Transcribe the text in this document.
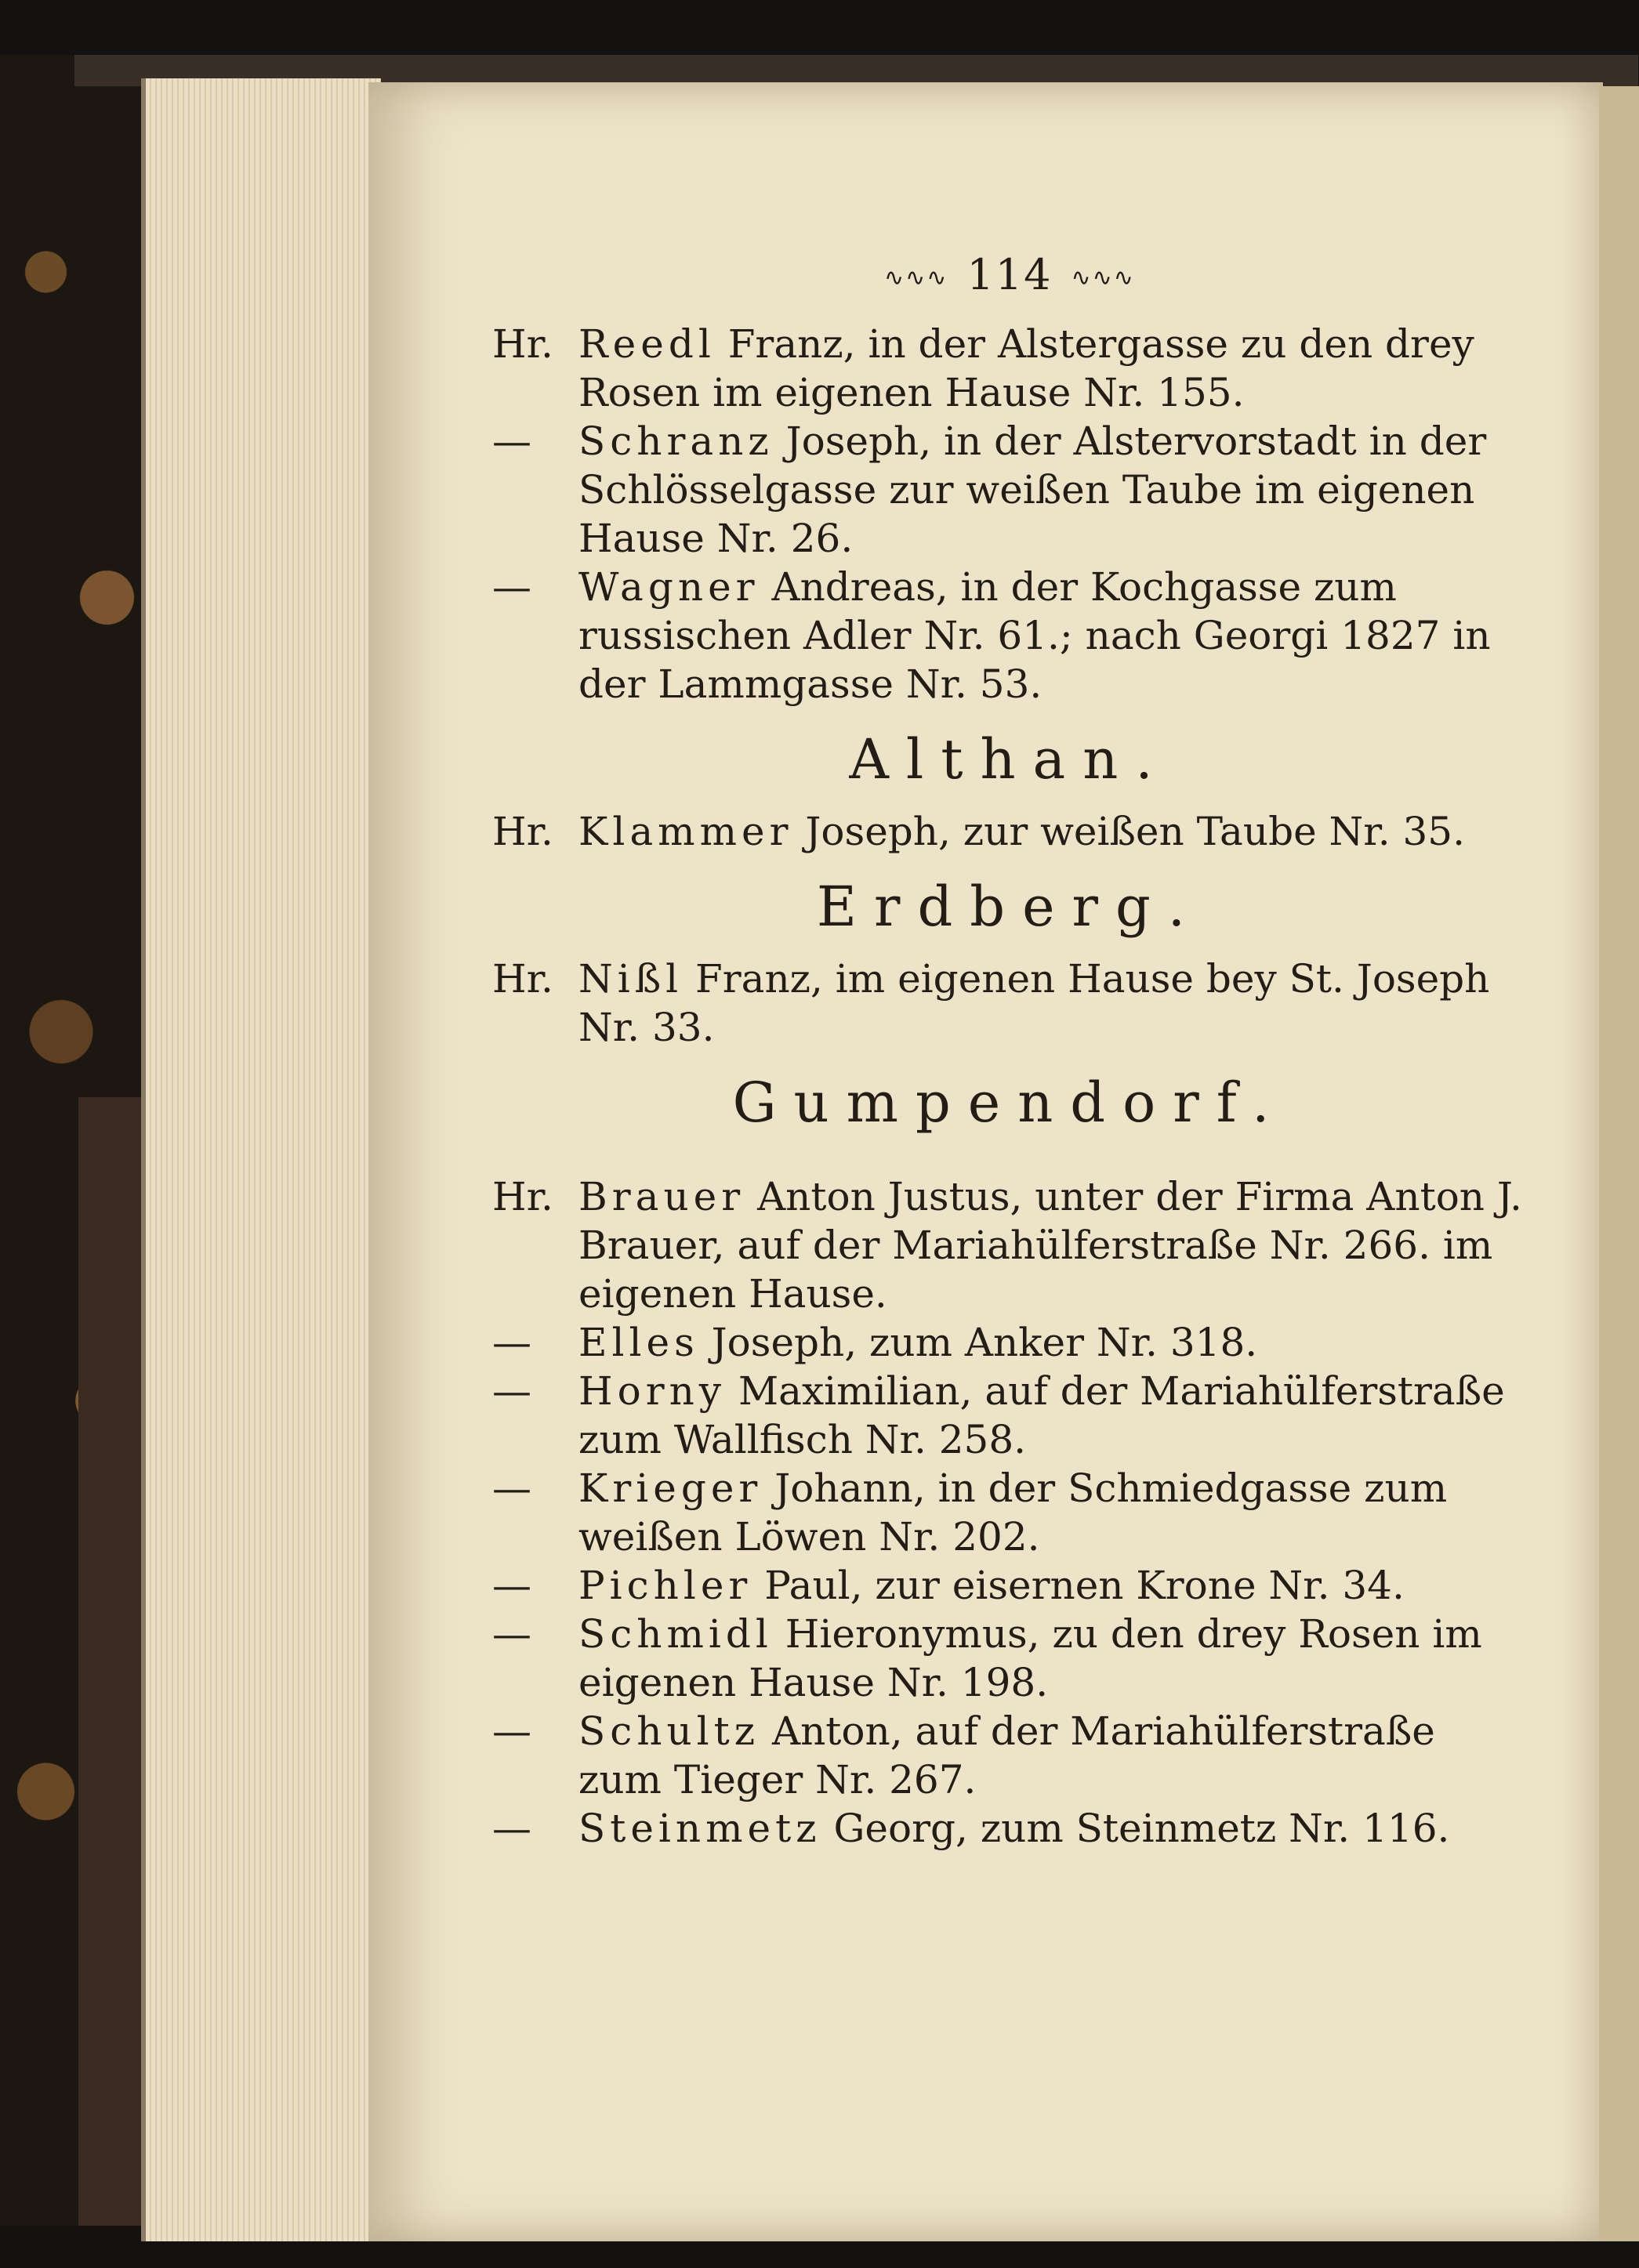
∿∿∿ 114 ∿∿∿

Hr. Reedl Franz, in der Alstergasse zu den drey Rosen im eigenen Hause Nr. 155.

— Schranz Joseph, in der Alstervorstadt in der Schlösselgasse zur weißen Taube im eigenen Hause Nr. 26.

— Wagner Andreas, in der Kochgasse zum russischen Adler Nr. 61.; nach Georgi 1827 in der Lammgasse Nr. 53.

Althan.

Hr. Klammer Joseph, zur weißen Taube Nr. 35.

Erdberg.

Hr. Nißl Franz, im eigenen Hause bey St. Joseph Nr. 33.

Gumpendorf.

Hr. Brauer Anton Justus, unter der Firma Anton J. Brauer, auf der Mariahülferstraße Nr. 266. im eigenen Hause.

— Elles Joseph, zum Anker Nr. 318.

— Horny Maximilian, auf der Mariahülferstraße zum Wallfisch Nr. 258.

— Krieger Johann, in der Schmiedgasse zum weißen Löwen Nr. 202.

— Pichler Paul, zur eisernen Krone Nr. 34.

— Schmidl Hieronymus, zu den drey Rosen im eigenen Hause Nr. 198.

— Schultz Anton, auf der Mariahülferstraße zum Tieger Nr. 267.

— Steinmetz Georg, zum Steinmetz Nr. 116.
